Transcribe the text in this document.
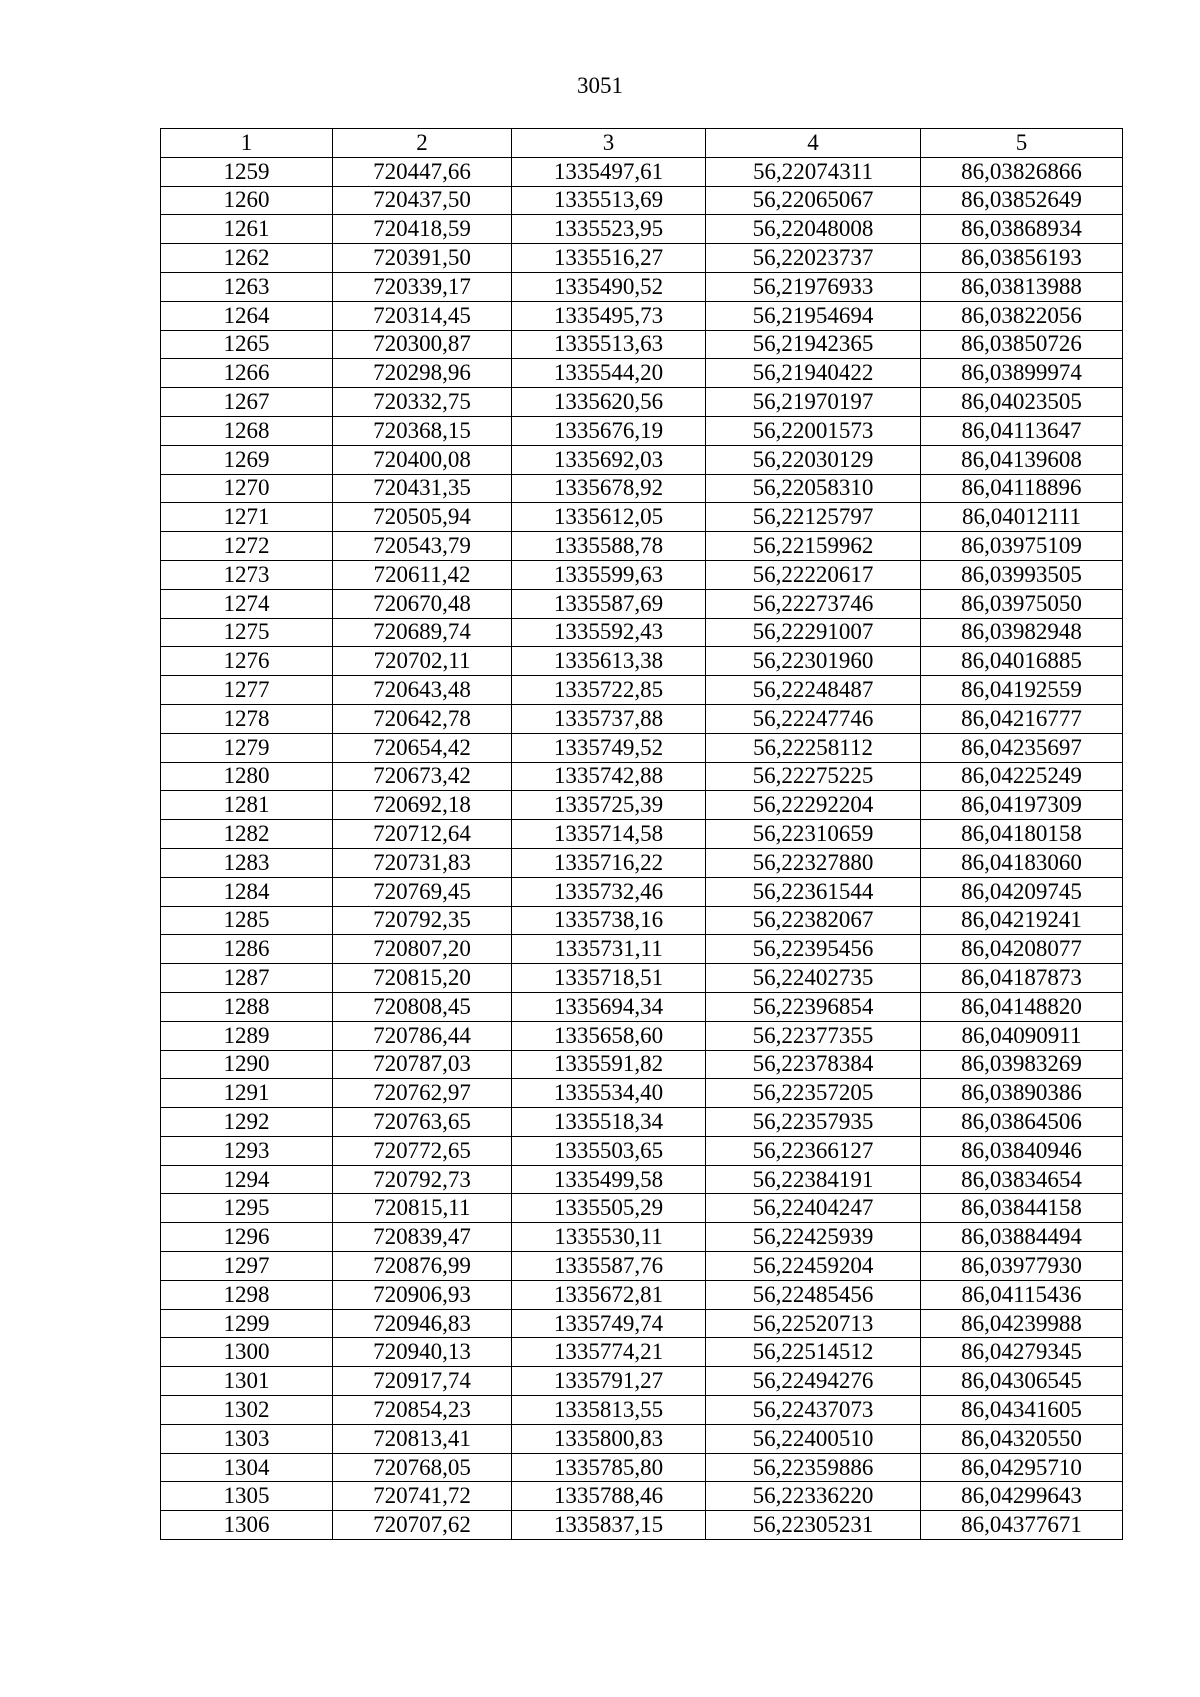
3051
1	2	3	4	5
1259	720447,66	1335497,61	56,22074311	86,03826866
1260	720437,50	1335513,69	56,22065067	86,03852649
1261	720418,59	1335523,95	56,22048008	86,03868934
1262	720391,50	1335516,27	56,22023737	86,03856193
1263	720339,17	1335490,52	56,21976933	86,03813988
1264	720314,45	1335495,73	56,21954694	86,03822056
1265	720300,87	1335513,63	56,21942365	86,03850726
1266	720298,96	1335544,20	56,21940422	86,03899974
1267	720332,75	1335620,56	56,21970197	86,04023505
1268	720368,15	1335676,19	56,22001573	86,04113647
1269	720400,08	1335692,03	56,22030129	86,04139608
1270	720431,35	1335678,92	56,22058310	86,04118896
1271	720505,94	1335612,05	56,22125797	86,04012111
1272	720543,79	1335588,78	56,22159962	86,03975109
1273	720611,42	1335599,63	56,22220617	86,03993505
1274	720670,48	1335587,69	56,22273746	86,03975050
1275	720689,74	1335592,43	56,22291007	86,03982948
1276	720702,11	1335613,38	56,22301960	86,04016885
1277	720643,48	1335722,85	56,22248487	86,04192559
1278	720642,78	1335737,88	56,22247746	86,04216777
1279	720654,42	1335749,52	56,22258112	86,04235697
1280	720673,42	1335742,88	56,22275225	86,04225249
1281	720692,18	1335725,39	56,22292204	86,04197309
1282	720712,64	1335714,58	56,22310659	86,04180158
1283	720731,83	1335716,22	56,22327880	86,04183060
1284	720769,45	1335732,46	56,22361544	86,04209745
1285	720792,35	1335738,16	56,22382067	86,04219241
1286	720807,20	1335731,11	56,22395456	86,04208077
1287	720815,20	1335718,51	56,22402735	86,04187873
1288	720808,45	1335694,34	56,22396854	86,04148820
1289	720786,44	1335658,60	56,22377355	86,04090911
1290	720787,03	1335591,82	56,22378384	86,03983269
1291	720762,97	1335534,40	56,22357205	86,03890386
1292	720763,65	1335518,34	56,22357935	86,03864506
1293	720772,65	1335503,65	56,22366127	86,03840946
1294	720792,73	1335499,58	56,22384191	86,03834654
1295	720815,11	1335505,29	56,22404247	86,03844158
1296	720839,47	1335530,11	56,22425939	86,03884494
1297	720876,99	1335587,76	56,22459204	86,03977930
1298	720906,93	1335672,81	56,22485456	86,04115436
1299	720946,83	1335749,74	56,22520713	86,04239988
1300	720940,13	1335774,21	56,22514512	86,04279345
1301	720917,74	1335791,27	56,22494276	86,04306545
1302	720854,23	1335813,55	56,22437073	86,04341605
1303	720813,41	1335800,83	56,22400510	86,04320550
1304	720768,05	1335785,80	56,22359886	86,04295710
1305	720741,72	1335788,46	56,22336220	86,04299643
1306	720707,62	1335837,15	56,22305231	86,04377671
